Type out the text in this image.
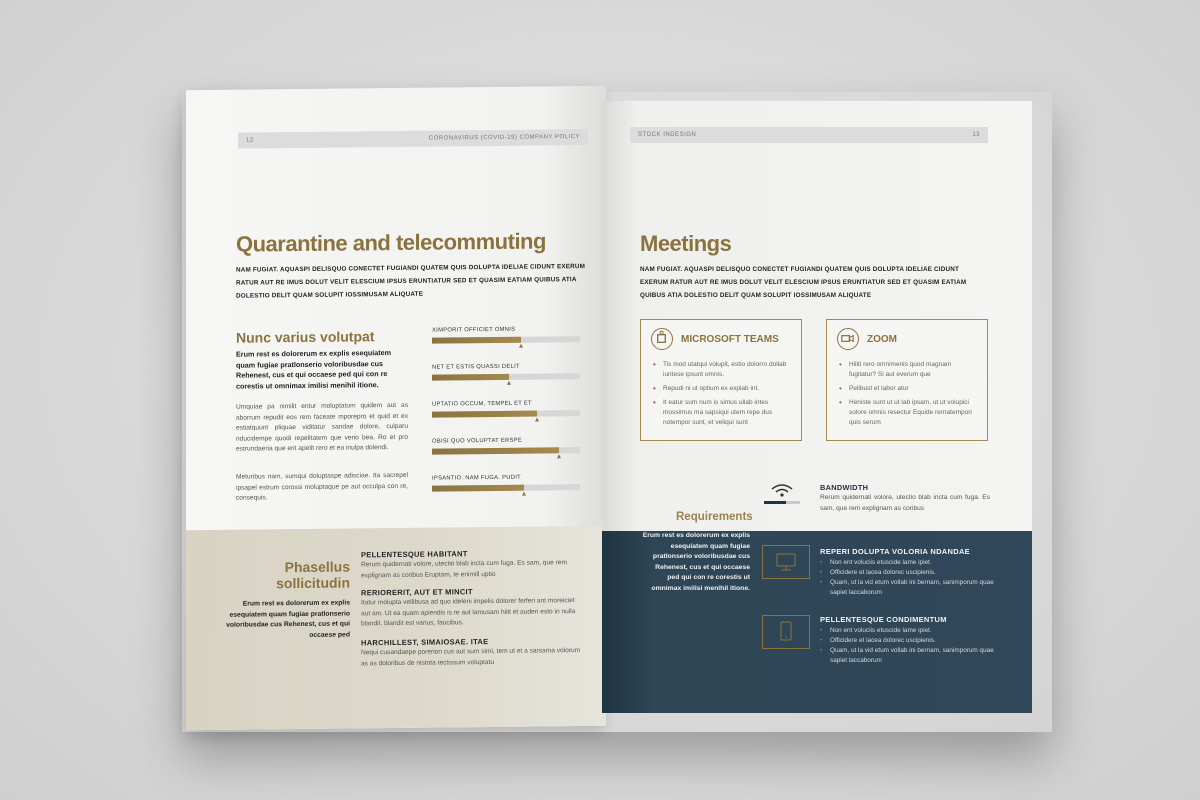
12	CORONAVIRUS (COVID-19) COMPANY POLICY
Quarantine and telecommuting
NAM FUGIAT. AQUASPI DELISQUO CONECTET FUGIANDI QUATEM QUIS DOLUPTA IDELIAE CIDUNT EXERUM RATUR AUT RE IMUS DOLUT VELIT ELESCIUM IPSUS ERUNTIATUR SED ET QUASIM EATIAM QUIBUS ATIA DOLESTIO DELIT QUAM SOLUPIT IOSSIMUSAM ALIQUATE
Nunc varius volutpat
Erum rest es dolorerum ex explis esequiatem quam fugiae pratlonserio voloribusdae cus Rehenest, cus et qui occaese ped qui con re corestis ut omnimax imilisi menihil itione.
Umquiae pa nimilit entur moluptatum quidem aut as aborrum repudit eos rem faceate mporepro et quid et ex estiatquunt pliquae viditatur sandae dolore, culparu nducidempe quodi repelitatem que verio bea. Ro et pro estrundaeria que erit apelit rero et ea inulpa dolendi.
Meturibus nam, sumqui doluptaspe adisciae. Ita sacrepel ipsapel estrum corossi moluptaque pe aut occulpa con re, consequis.
XIMPORIT OFFICIET OMNIS
NET ET ESTIS QUASSI DELIT
UPTATIO OCCUM, TEMPEL ET ET
OBISI QUO VOLUPTAT ERSPE
IPSANTIO. NAM FUGA. PUDIT
Phasellus sollicitudin
Erum rest es dolorerum ex explis esequiatem quam fugiae pratlonserio voloribusdae cus Rehenest, cus et qui occaese ped
PELLENTESQUE HABITANT
Rerum quidernati volore, utectio blab incta cum fuga. Es sam, que rem explignam as coribus Eruptam, te enimill uptio
RERIORERIT, AUT ET MINCIT
Itatur molupta vellibusa ad quo ideleni impelis dolorer ferferi ant moreiciet aut am. Ut ea quam apiendis is re aut lamusam hilit et auden esto in nulla blandit. blandit est varius, faucibus.
HARCHILLEST, SIMAIOSAE. ITAE
Nequi cusandaepe porerion cus aut sum simi, tem ut et a sarsama volorum as as doloribus de nistota tectissum voluptatu
STOCK INDESIGN	13
Meetings
NAM FUGIAT. AQUASPI DELISQUO CONECTET FUGIANDI QUATEM QUIS DOLUPTA IDELIAE CIDUNT EXERUM RATUR AUT RE IMUS DOLUT VELIT ELESCIUM IPSUS ERUNTIATUR SED ET QUASIM EATIAM QUIBUS ATIA DOLESTIO DELIT QUAM SOLUPIT IOSSIMUSAM ALIQUATE
MICROSOFT TEAMS
• Tis mod utatqui volupit, estio dolorro dollab iuntese ipsunt omnis.
• Repudi ni ut optium ex explab int.
• It eatur sum num is simus ullab intes mossimus ma sapsiqui utem repe dus notempor sunt, et veliqui sunt
ZOOM
• Hiliti rero omnimenis quod magnam fugitatur? Si aut everum que
• Pelibust et labor atur
• Heniste sunt ut ut lab ipsam, ut ut volupici solore omnis resectur Equide rernatempori quis serum
BANDWIDTH
Rerum quidernati volore, utectio blab incta cum fuga. Es sam, que rem explignam as coribus
Requirements
Erum rest es dolorerum ex explis esequiatem quam fugiae pratlonserio voloribusdae cus Rehenest, cus et qui occaese ped qui con re corestis ut omnimax imilisi menihil itione.
REPERI DOLUPTA VOLORIA NDANDAE
• Non ent voluciis etuscide lame ipiet.
• Officidere et lacea dolorec uscipienis.
• Quam, ut la vid etum vollab ini bernam, sanimporum quae sapiet laccaborum
PELLENTESQUE CONDIMENTUM
• Non ent voluciis etuscide lame ipiet.
• Officidere et lacea dolorec uscipienis.
• Quam, ut la vid etum vollab ini bernam, sanimporum quae sapiet laccaborum
